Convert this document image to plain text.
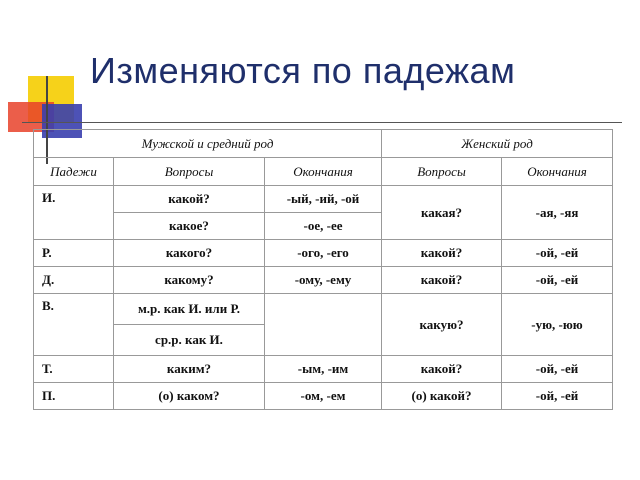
Изменяются по падежам
Мужской и средний род			Женский род	
Падежи	Вопросы	Окончания	Вопросы	Окончания
И.	какой?	-ый, -ий, -ой	какая?	-ая, -яя
	какое?	-ое, -ее		
Р.	какого?	-ого, -его	какой?	-ой, -ей
Д.	какому?	-ому, -ему	какой?	-ой, -ей
В.	м.р. как И. или Р.		какую?	-ую, -юю
	ср.р. как И.			
Т.	каким?	-ым, -им	какой?	-ой, -ей
П.	(о) каком?	-ом, -ем	(о) какой?	-ой, -ей
